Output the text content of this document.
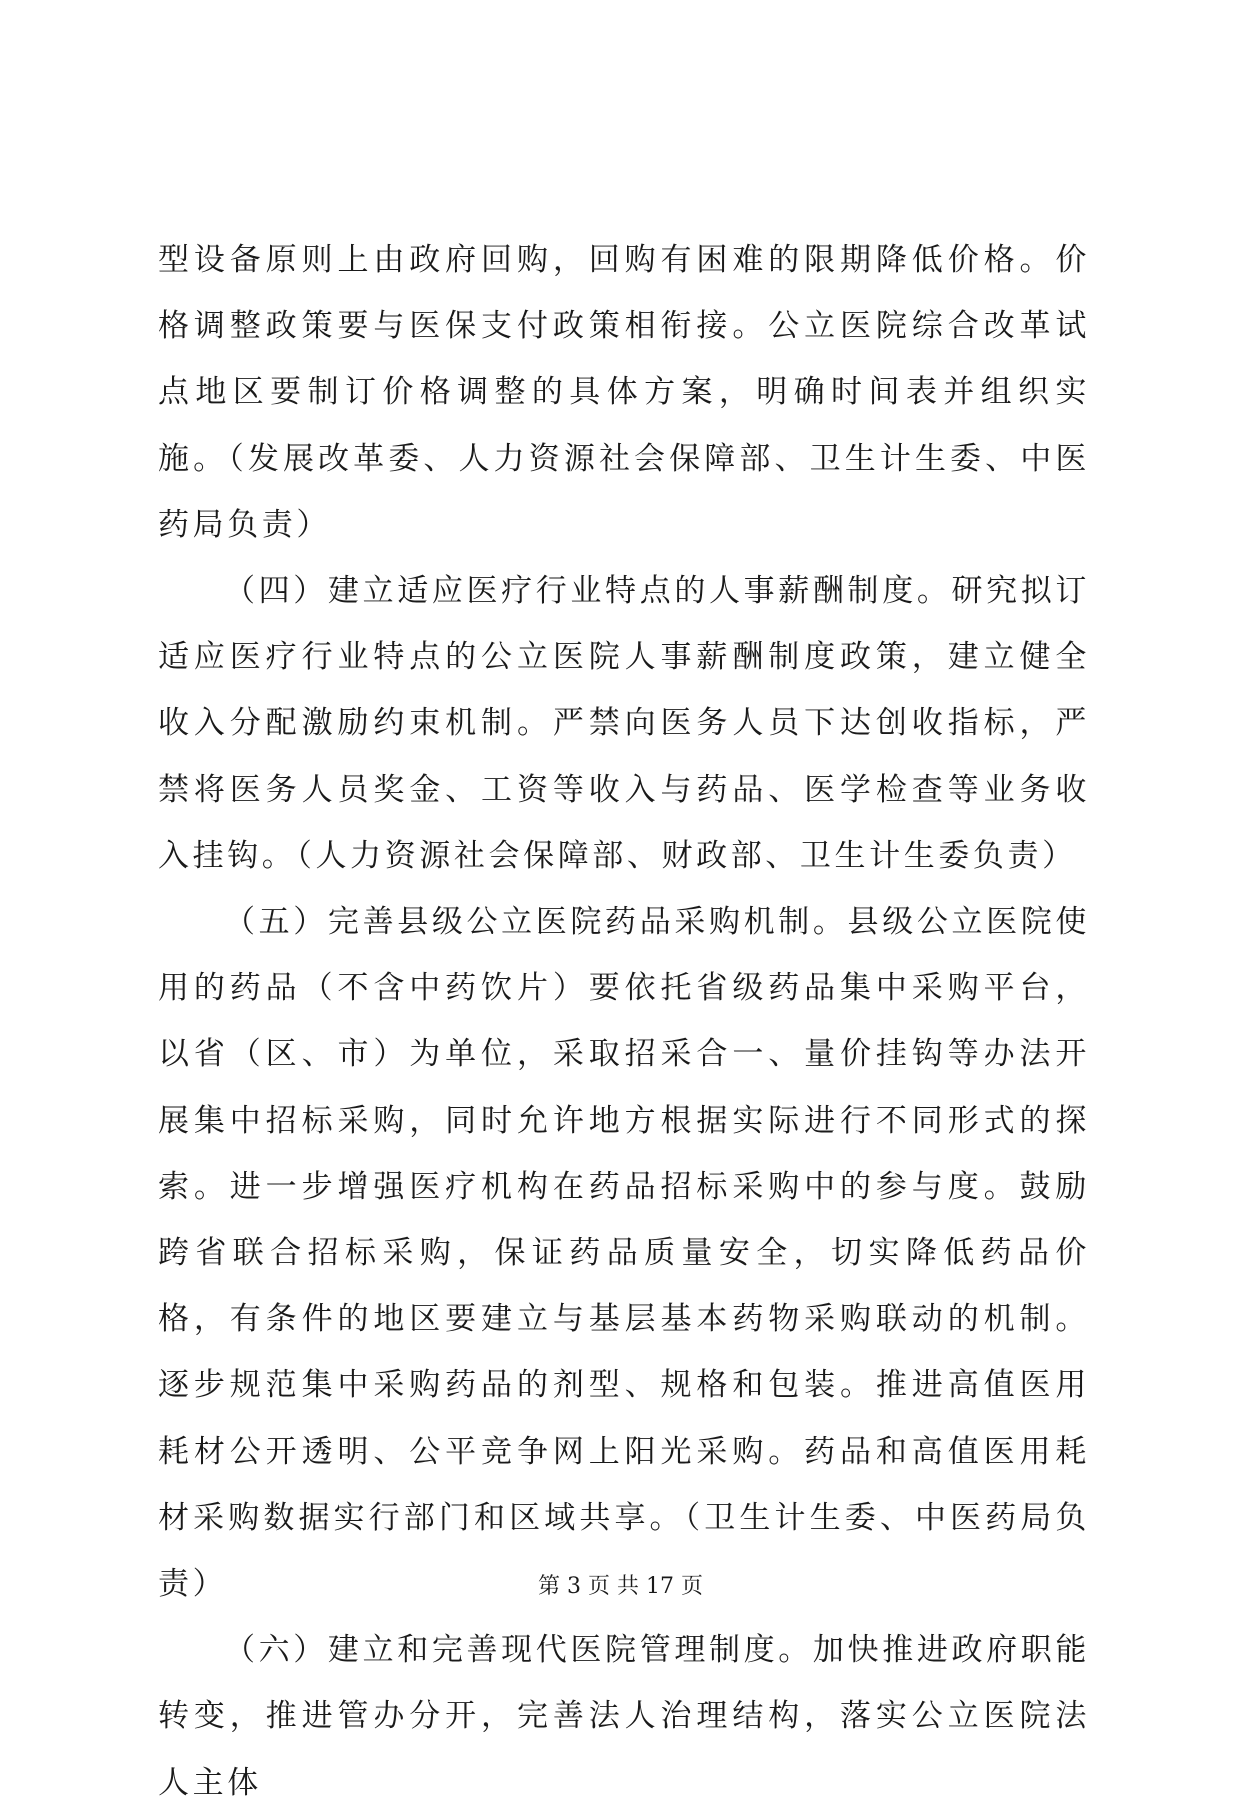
型设备原则上由政府回购，回购有困难的限期降低价格。价格调整政策要与医保支付政策相衔接。公立医院综合改革试点地区要制订价格调整的具体方案，明确时间表并组织实施。（发展改革委、人力资源社会保障部、卫生计生委、中医药局负责）

（四）建立适应医疗行业特点的人事薪酬制度。研究拟订适应医疗行业特点的公立医院人事薪酬制度政策，建立健全收入分配激励约束机制。严禁向医务人员下达创收指标，严禁将医务人员奖金、工资等收入与药品、医学检查等业务收入挂钩。（人力资源社会保障部、财政部、卫生计生委负责）

（五）完善县级公立医院药品采购机制。县级公立医院使用的药品（不含中药饮片）要依托省级药品集中采购平台，以省（区、市）为单位，采取招采合一、量价挂钩等办法开展集中招标采购，同时允许地方根据实际进行不同形式的探索。进一步增强医疗机构在药品招标采购中的参与度。鼓励跨省联合招标采购，保证药品质量安全，切实降低药品价格，有条件的地区要建立与基层基本药物采购联动的机制。逐步规范集中采购药品的剂型、规格和包装。推进高值医用耗材公开透明、公平竞争网上阳光采购。药品和高值医用耗材采购数据实行部门和区域共享。（卫生计生委、中医药局负责）

（六）建立和完善现代医院管理制度。加快推进政府职能转变，推进管办分开，完善法人治理结构，落实公立医院法人主体

第 3 页 共 17 页
